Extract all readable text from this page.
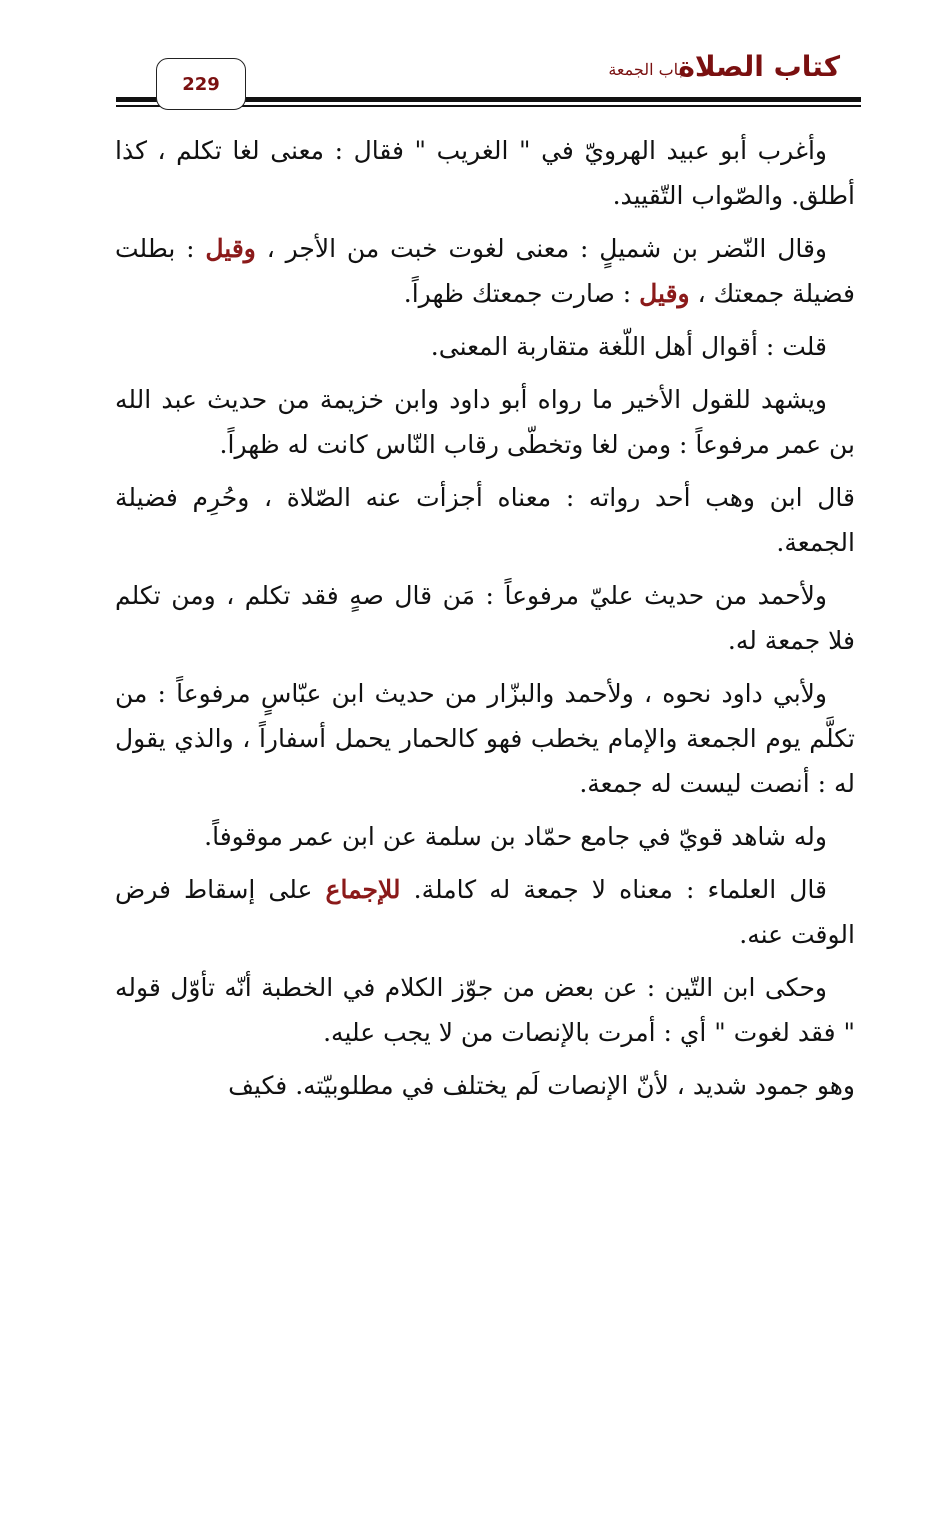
كتاب الصلاة
باب الجمعة
229

وأغرب أبو عبيد الهرويّ في " الغريب " فقال : معنى لغا تكلم ، كذا أطلق. والصّواب التّقييد.

وقال النّضر بن شميلٍ : معنى لغوت خبت من الأجر ، وقيل : بطلت فضيلة جمعتك ، وقيل : صارت جمعتك ظهراً.

قلت : أقوال أهل اللّغة متقاربة المعنى.

ويشهد للقول الأخير ما رواه أبو داود وابن خزيمة من حديث عبد الله بن عمر مرفوعاً : ومن لغا وتخطّى رقاب النّاس كانت له ظهراً.

قال ابن وهب أحد رواته : معناه أجزأت عنه الصّلاة ، وحُرِم فضيلة الجمعة.

ولأحمد من حديث عليّ مرفوعاً : مَن قال صهٍ فقد تكلم ، ومن تكلم فلا جمعة له.

ولأبي داود نحوه ، ولأحمد والبزّار من حديث ابن عبّاسٍ مرفوعاً : من تكلَّم يوم الجمعة والإمام يخطب فهو كالحمار يحمل أسفاراً ، والذي يقول له : أنصت ليست له جمعة.

وله شاهد قويّ في جامع حمّاد بن سلمة عن ابن عمر موقوفاً.

قال العلماء : معناه لا جمعة له كاملة. للإجماع على إسقاط فرض الوقت عنه.

وحكى ابن التّين : عن بعض من جوّز الكلام في الخطبة أنّه تأوّل قوله " فقد لغوت " أي : أمرت بالإنصات من لا يجب عليه.

وهو جمود شديد ، لأنّ الإنصات لَم يختلف في مطلوبيّته. فكيف
